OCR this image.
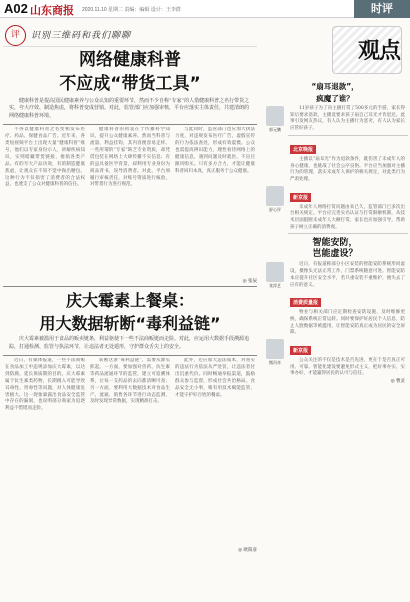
A02 山东商报 2020.11.10 星期二 责编：编辑 设计：王李群	时评
评	识别三维码和我们聊聊
网络健康科普
不应成“带货工具”

健康科普是提高国民健康素养与公众认知的重要环节，然而不少自称“专家”的人借健康科普之名行带货之实，夸大疗效、制造焦虑，将科普变成营销。对此，监管部门应加强审核，平台应落实主体责任，共建清朗的网络健康科普环境。

不得以健康科普之名变相发布医疗、药品、保健食品广告。近年来，各类短视频平台上出现大量“健康科普”账号，他们以专家身份示人，讲解疾病知识，实则暗藏带货链接，推销各类产品。有的夸大产品功效，有的制造健康焦虑，让观众在不知不觉中掏出腰包。这种行为不仅损害了消费者的合法权益，也透支了公众对健康科普的信任。

健康科普的初衷在于传播科学知识，提升公众健康素养。然而当科普与流量、利益挂钩，其内容便容易走样。一些所谓的“专家”缺乏专业资质，却凭借包装在网络上大肆传播不实信息；有的虽具备医学背景，却利用专业身份为商品背书，误导消费者。对此，平台须履行审核责任，对账号资质进行核验，对带货行为进行规范。

与此同时，监管部门也应加大执法力度，对违规发布医疗广告、虚假宣传的行为依法查处，形成有效震慑。公众也需提高辨识能力，理性看待网络上的健康信息，遇到问题及时就医，不盲目跟风购买。只有多方合力，才能让健康科普回归本真，真正服务于公众健康。

◎ 张辰
庆大霉素上餐桌：
用大数据斩断“毒利益链”

庆大霉素被滥用于食品的贩卖链条，利益驱使下一些不法商贩铤而走险。对此，应运用大数据手段溯源追踪，打通检测、监管与执法环节，让违法者无处遁形，守护群众舌尖上的安全。

近日，有媒体报道，一些不法商贩在食品加工中违规添加庆大霉素，以达到防腐、延长保质期的目的。庆大霉素属于抗生素类药物，长期摄入可能导致耳毒性、肾毒性等问题，对人体健康危害极大。这一现象暴露出食品安全监管中存在的漏洞，也说明部分商家为追逐利益不惜铤而走险。

斩断这条“毒利益链”，需要从源头抓起。一方面，要加强对兽药、抗生素等药品流通环节的监管，建立可追溯体系，让每一支药品的去向都清晰可查；另一方面，要利用大数据技术对食品生产、流通、销售各环节进行动态监测，及时发现异常数据，实现精准打击。

此外，还应加大违法成本，对查实的违法行为依法从严处罚，让违法者付出沉重代价。同时畅通举报渠道，鼓励群众参与监督，形成社会共治格局。食品安全无小事，唯有用技术赋能监管，才能守护好百姓的餐桌。

◎ 欧阳彦
观点
“扇耳退款”，
疯魔了谁？
郭元鹏

11岁孩子为了向主播打赏了500多元的手游，家长得知后要求退款，主播竟要求孩子扇自己耳光才肯退还。此事引发网友热议，有人认为主播行为恶劣，有人认为家长应管好孩子。

北京晚报

主播以“扇耳光”作为退款条件，既伤害了未成年人的身心健康，也挑战了社会公序良俗。平台应当加强对主播行为的管理，落实未成年人保护的相关规定，对此类行为严肃处理。

舒心评
新京报

未成年人网络打赏问题由来已久，监管部门已多次出台相关规定。平台应完善实名认证与打赏限额机制，从技术层面阻断未成年人大额打赏，家长也应加强引导，帮助孩子树立正确的消费观。

智能安防，
岂能虚设？
张淳艺

近日，有报道称部分小区安装的智能安防系统形同虚设，摄像头无法正常工作，门禁系统随意可进。智能安防本应提升社区安全水平，若只重安装不重维护，便失去了应有的意义。

消费质量报

物业与相关部门应定期检查安防设施，及时维修更换，确保系统正常运转。同时要保护好居民个人信息，防止人脸数据等被滥用，让智能安防真正成为居民的安全屏障。

熊丙奇
新京报

公众关注的不仅是技术是否先进，更在于是否真正可用、可靠。智能化建设要避免形式主义，把好事办实、实事办好，才能赢得居民的认可与信任。

◎ 曹灵
